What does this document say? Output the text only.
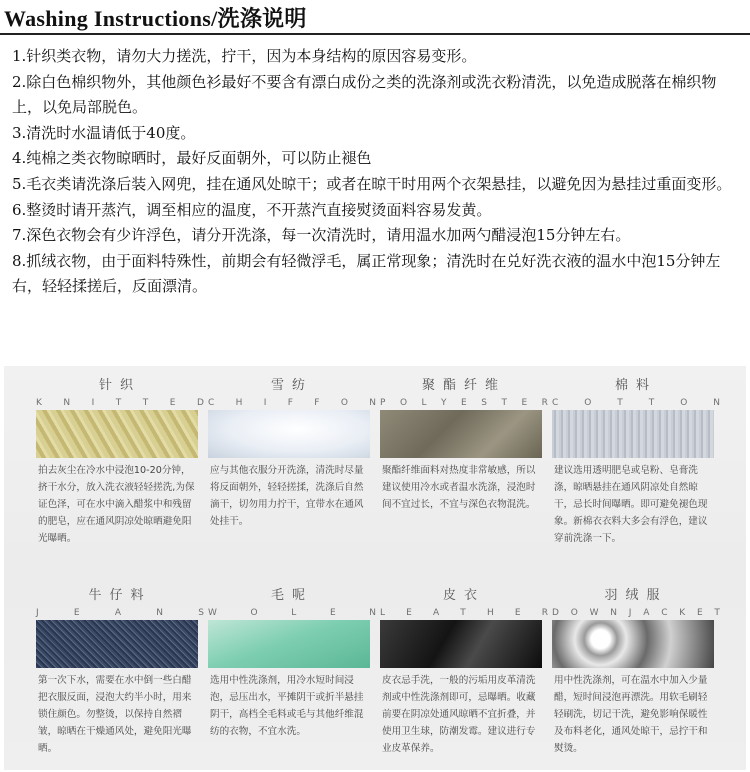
Washing Instructions/洗涤说明
1.针织类衣物，请勿大力搓洗，拧干，因为本身结构的原因容易变形。
2.除白色棉织物外，其他颜色衫最好不要含有漂白成份之类的洗涤剂或洗衣粉清洗，以免造成脱落在棉织物上，以免局部脱色。
3.清洗时水温请低于40度。
4.纯棉之类衣物晾晒时，最好反面朝外，可以防止褪色
5.毛衣类请洗涤后装入网兜，挂在通风处晾干；或者在晾干时用两个衣架悬挂，以避免因为悬挂过重面变形。
6.整烫时请开蒸汽，调至相应的温度，不开蒸汽直接熨烫面料容易发黄。
7.深色衣物会有少许浮色，请分开洗涤，每一次清洗时，请用温水加两勺醋浸泡15分钟左右。
8.抓绒衣物，由于面料特殊性，前期会有轻微浮毛，属正常现象；清洗时在兑好洗衣液的温水中泡15分钟左右，轻轻揉搓后，反面漂清。
针织
K N I T T E D
拍去灰尘在冷水中浸泡10-20分钟，挤干水分，放入洗衣液轻轻搓洗,为保证色泽，可在水中滴入醋浆中和残留的肥皂，应在通风阴凉处晾晒避免阳光曝晒。
雪纺
C H I F F O N
应与其他衣服分开洗涤，清洗时尽量将反面朝外，轻轻搓揉，洗涤后自然滴干，切勿用力拧干，宜带水在通风处挂干。
聚酯纤维
P O L Y E S T E R
聚酯纤维面料对热度非常敏感，所以建议使用冷水或者温水洗涤，浸泡时间不宜过长，不宜与深色衣物混洗。
棉料
C	O	T	T	O	N
建议选用透明肥皂或皂粉、皂膏洗涤，晾晒悬挂在通风阴凉处自然晾干，忌长时间曝晒。即可避免褪色现象。新棉衣衣料大多会有浮色，建议穿前洗涤一下。
牛仔料
J	E	A	N	S
第一次下水，需要在水中倒一些白醋把衣服反面，浸泡大约半小时，用来锁住颜色。勿整烫，以保持自然褶皱，晾晒在干燥通风处，避免阳光曝晒。
毛呢
W	O	L	E	N
选用中性洗涤剂，用冷水短时间浸泡，忌压出水，平摊阴干或折半悬挂阴干，高档全毛料或毛与其他纤维混纺的衣物，不宜水洗。
皮衣
L E A T H E R
皮衣忌手洗，一般的污垢用皮革清洗剂或中性洗涤剂即可，忌曝晒。收藏前要在阴凉处通风晾晒不宜折叠，并使用卫生球，防潮发霉。建议进行专业皮革保养。
羽绒服
D O W N J A C K E T
用中性洗涤剂，可在温水中加入少量醋，短时间浸泡再漂洗。用软毛刷轻轻刷洗，切记干洗，避免影响保暖性及布料老化，通风处晾干，忌拧干和熨烫。
